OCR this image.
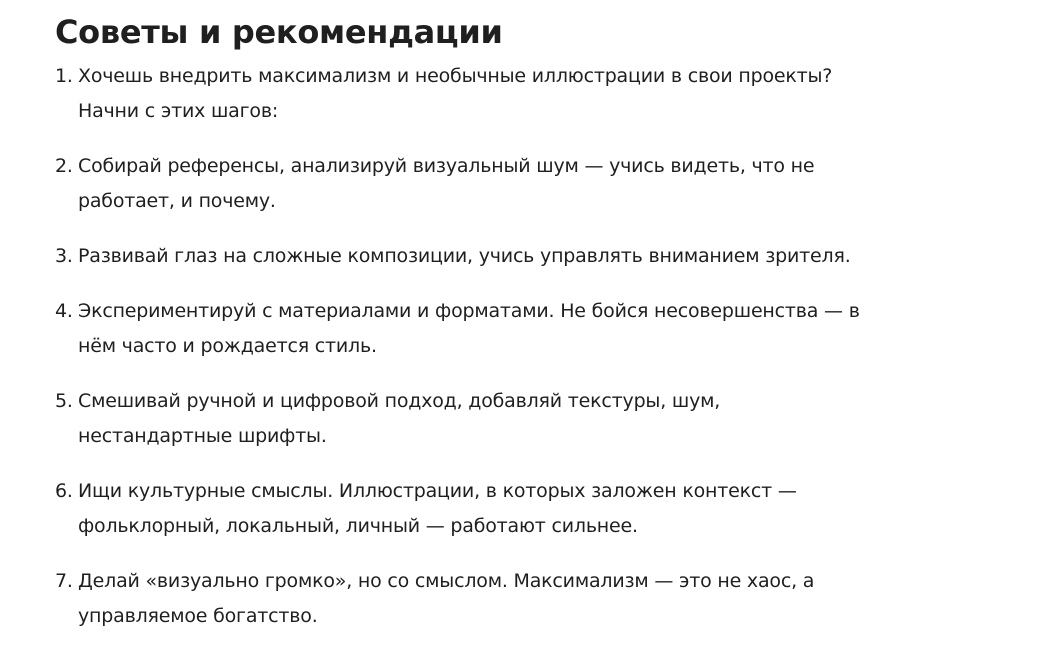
Советы и рекомендации
1. Хочешь внедрить максимализм и необычные иллюстрации в свои проекты? Начни с этих шагов:
2. Собирай референсы, анализируй визуальный шум — учись видеть, что не работает, и почему.
3. Развивай глаз на сложные композиции, учись управлять вниманием зрителя.
4. Экспериментируй с материалами и форматами. Не бойся несовершенства — в нём часто и рождается стиль.
5. Смешивай ручной и цифровой подход, добавляй текстуры, шум, нестандартные шрифты.
6. Ищи культурные смыслы. Иллюстрации, в которых заложен контекст — фольклорный, локальный, личный — работают сильнее.
7. Делай «визуально громко», но со смыслом. Максимализм — это не хаос, а управляемое богатство.
